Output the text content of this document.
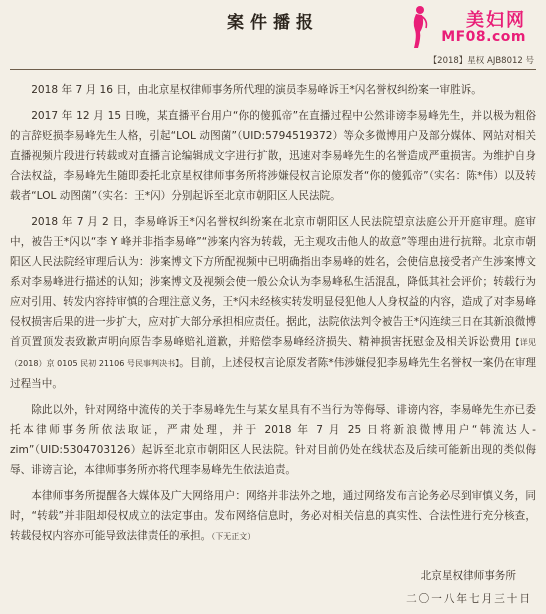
美妇网
MF08.com
案件播报
【2018】星权 AJB8012 号

2018 年 7 月 16 日，由北京星权律师事务所代理的演员李易峰诉王*闪名誉权纠纷案一审胜诉。

2017 年 12 月 15 日晚，某直播平台用户“你的傻狐帝”在直播过程中公然诽谤李易峰先生，并以极为粗俗的言辞贬损李易峰先生人格，引起“LOL 动图菌”（UID:5794519372）等众多微博用户及部分媒体、网站对相关直播视频片段进行转载或对直播言论编辑成文字进行扩散，迅速对李易峰先生的名誉造成严重损害。为维护自身合法权益，李易峰先生随即委托北京星权律师事务所将涉嫌侵权言论原发者“你的傻狐帝”（实名：陈*伟）以及转载者“LOL 动图菌”（实名：王*闪）分别起诉至北京市朝阳区人民法院。

2018 年 7 月 2 日，李易峰诉王*闪名誉权纠纷案在北京市朝阳区人民法院望京法庭公开开庭审理。庭审中，被告王*闪以“李 Y 峰并非指李易峰”“涉案内容为转载，无主观攻击他人的故意”等理由进行抗辩。北京市朝阳区人民法院经审理后认为：涉案博文下方所配视频中已明确指出李易峰的姓名，会使信息接受者产生涉案博文系对李易峰进行描述的认知；涉案博文及视频会使一般公众认为李易峰私生活混乱，降低其社会评价；转载行为应对引用、转发内容持审慎的合理注意义务，王*闪未经核实转发明显侵犯他人人身权益的内容，造成了对李易峰侵权损害后果的进一步扩大，应对扩大部分承担相应责任。据此，法院依法判令被告王*闪连续三日在其新浪微博首页置顶发表致歉声明向原告李易峰赔礼道歉，并赔偿李易峰经济损失、精神损害抚慰金及相关诉讼费用【详见（2018）京 0105 民初 21106 号民事判决书】。目前，上述侵权言论原发者陈*伟涉嫌侵犯李易峰先生名誉权一案仍在审理过程当中。

除此以外，针对网络中流传的关于李易峰先生与某女星具有不当行为等侮辱、诽谤内容，李易峰先生亦已委托本律师事务所依法取证，严肃处理，并于 2018 年 7 月 25 日将新浪微博用户“韩流达人-zim”（UID:5304703126）起诉至北京市朝阳区人民法院。针对目前仍处在线状态及后续可能新出现的类似侮辱、诽谤言论，本律师事务所亦将代理李易峰先生依法追责。

本律师事务所提醒各大媒体及广大网络用户：网络并非法外之地，通过网络发布言论务必尽到审慎义务，同时，“转载”并非阻却侵权成立的法定事由。发布网络信息时，务必对相关信息的真实性、合法性进行充分核查，转载侵权内容亦可能导致法律责任的承担。（下无正文）

北京星权律师事务所
二〇一八年七月三十日
